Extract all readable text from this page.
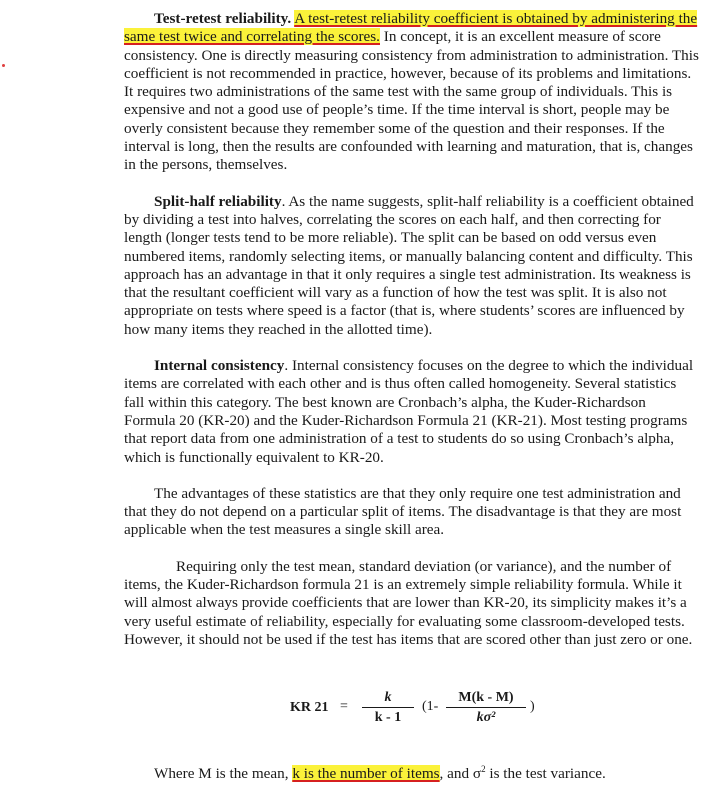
Test-retest reliability. A test-retest reliability coefficient is obtained by administering the same test twice and correlating the scores. In concept, it is an excellent measure of score consistency. One is directly measuring consistency from administration to administration. This coefficient is not recommended in practice, however, because of its problems and limitations. It requires two administrations of the same test with the same group of individuals. This is expensive and not a good use of people’s time. If the time interval is short, people may be overly consistent because they remember some of the question and their responses. If the interval is long, then the results are confounded with learning and maturation, that is, changes in the persons, themselves.

Split-half reliability. As the name suggests, split-half reliability is a coefficient obtained by dividing a test into halves, correlating the scores on each half, and then correcting for length (longer tests tend to be more reliable). The split can be based on odd versus even numbered items, randomly selecting items, or manually balancing content and difficulty. This approach has an advantage in that it only requires a single test administration. Its weakness is that the resultant coefficient will vary as a function of how the test was split. It is also not appropriate on tests where speed is a factor (that is, where students’ scores are influenced by how many items they reached in the allotted time).

Internal consistency. Internal consistency focuses on the degree to which the individual items are correlated with each other and is thus often called homogeneity. Several statistics fall within this category. The best known are Cronbach’s alpha, the Kuder-Richardson Formula 20 (KR-20) and the Kuder-Richardson Formula 21 (KR-21). Most testing programs that report data from one administration of a test to students do so using Cronbach’s alpha, which is functionally equivalent to KR-20.

The advantages of these statistics are that they only require one test administration and that they do not depend on a particular split of items. The disadvantage is that they are most applicable when the test measures a single skill area.

Requiring only the test mean, standard deviation (or variance), and the number of items, the Kuder-Richardson formula 21 is an extremely simple reliability formula. While it will almost always provide coefficients that are lower than KR-20, its simplicity makes it’s a very useful estimate of reliability, especially for evaluating some classroom-developed tests. However, it should not be used if the test has items that are scored other than just zero or one.

KR 21 =
k
k - 1
(1-
M(k - M)
kσ²
)
Where M is the mean, k is the number of items, and $\sigma^2$ is the test variance.
